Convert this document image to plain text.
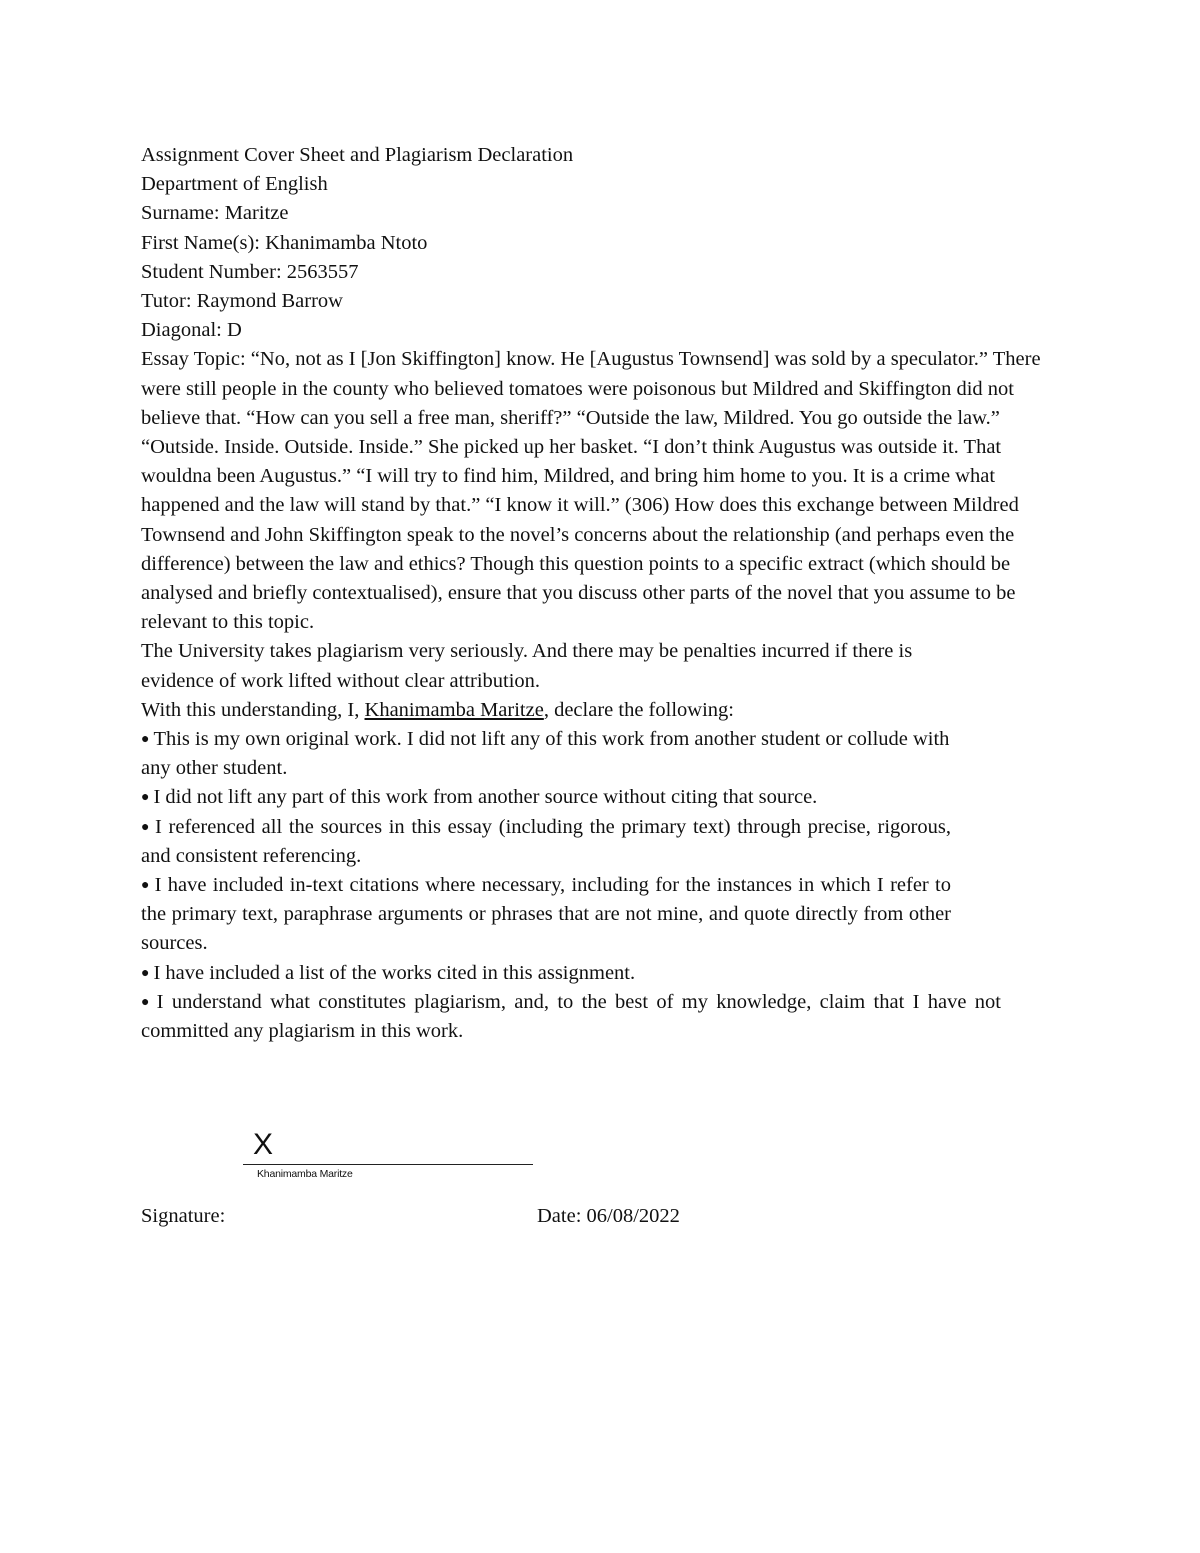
Assignment Cover Sheet and Plagiarism Declaration
Department of English
Surname: Maritze
First Name(s): Khanimamba Ntoto
Student Number: 2563557
Tutor: Raymond Barrow
Diagonal: D
Essay Topic: “No, not as I [Jon Skiffington] know. He [Augustus Townsend] was sold by a speculator.” There were still people in the county who believed tomatoes were poisonous but Mildred and Skiffington did not believe that. “How can you sell a free man, sheriff?” “Outside the law, Mildred. You go outside the law.” “Outside. Inside. Outside. Inside.” She picked up her basket. “I don’t think Augustus was outside it. That wouldna been Augustus.” “I will try to find him, Mildred, and bring him home to you. It is a crime what happened and the law will stand by that.” “I know it will.” (306) How does this exchange between Mildred Townsend and John Skiffington speak to the novel’s concerns about the relationship (and perhaps even the difference) between the law and ethics? Though this question points to a specific extract (which should be analysed and briefly contextualised), ensure that you discuss other parts of the novel that you assume to be relevant to this topic.
The University takes plagiarism very seriously. And there may be penalties incurred if there is evidence of work lifted without clear attribution.
With this understanding, I, Khanimamba Maritze, declare the following:
● This is my own original work. I did not lift any of this work from another student or collude with any other student.
● I did not lift any part of this work from another source without citing that source.
● I referenced all the sources in this essay (including the primary text) through precise, rigorous, and consistent referencing.
● I have included in-text citations where necessary, including for the instances in which I refer to the primary text, paraphrase arguments or phrases that are not mine, and quote directly from other sources.
● I have included a list of the works cited in this assignment.
● I understand what constitutes plagiarism, and, to the best of my knowledge, claim that I have not committed any plagiarism in this work.
X
Khanimamba Maritze
Signature:	Date: 06/08/2022
